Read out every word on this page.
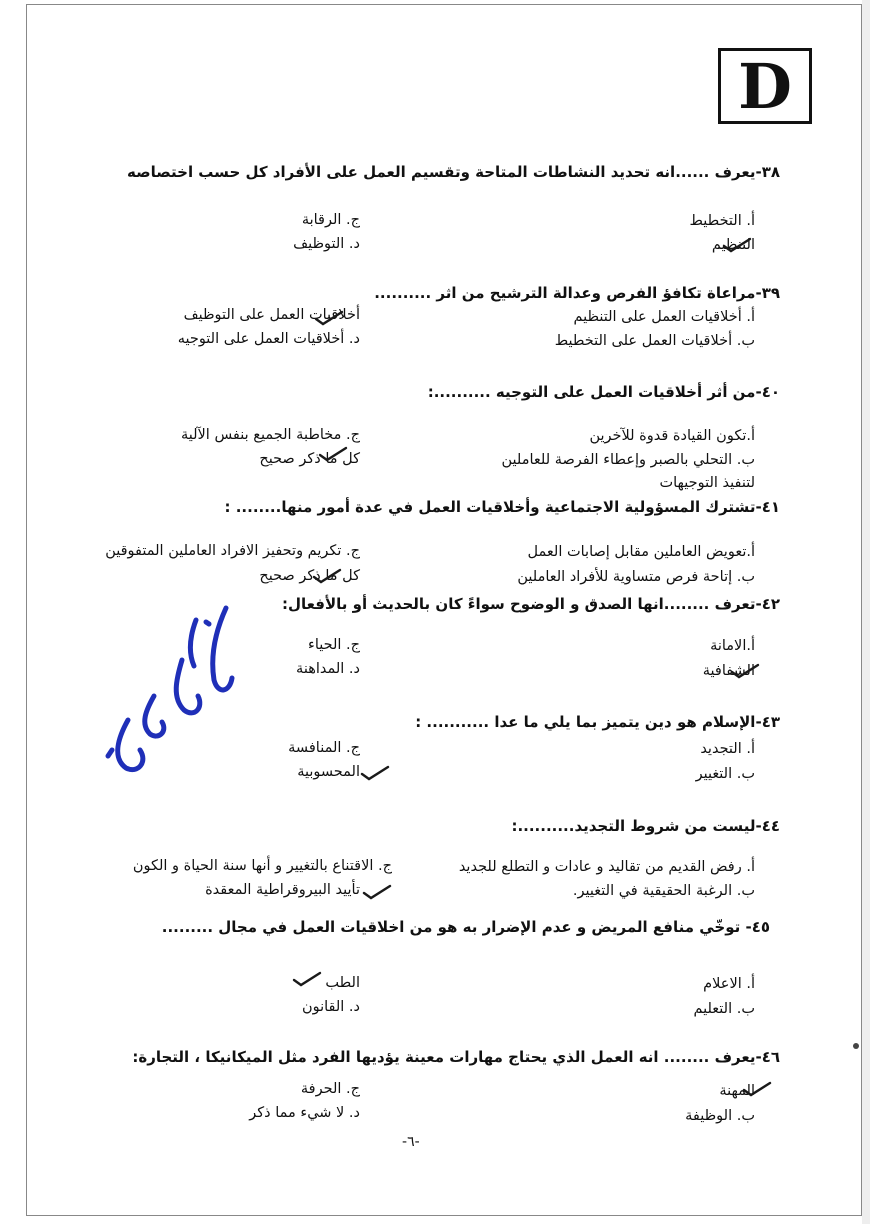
D
٣٨-يعرف ......انه تحديد النشاطات المتاحة وتقسيم العمل على الأفراد كل حسب اختصاصه
أ. التخطيط
التنظيم
ج. الرقابة
د. التوظيف
٣٩-مراعاة تكافؤ الفرص وعدالة الترشيح من اثر ..........
أ. أخلاقيات العمل على التنظيم
ب. أخلاقيات العمل على التخطيط
أخلاقيات العمل على التوظيف
د. أخلاقيات العمل على التوجيه
٤٠-من أثر أخلاقيات العمل على التوجيه ..........:
أ.تكون القيادة قدوة للآخرين
ب. التحلي بالصبر وإعطاء الفرصة للعاملين
لتنفيذ التوجيهات
ج. مخاطبة الجميع بنفس الآلية
كل ما ذكر صحيح
٤١-تشترك المسؤولية الاجتماعية وأخلاقيات العمل في عدة أمور منها........ :
أ.تعويض العاملين مقابل إصابات العمل
ب. إتاحة فرص متساوية للأفراد العاملين
ج. تكريم وتحفيز الافراد العاملين المتفوقين
كل ما ذكر صحيح
٤٢-تعرف ........انها الصدق و الوضوح سواءً كان بالحديث أو بالأفعال:
أ.الامانة
الشفافية
ج. الحياء
د. المداهنة
٤٣-الإسلام هو دين يتميز بما يلي ما عدا ........... :
أ. التجديد
ب. التغيير
ج. المنافسة
المحسوبية
٤٤-ليست من شروط التجديد..........:
أ. رفض القديم من تقاليد و عادات و التطلع للجديد
ب. الرغبة الحقيقية في التغيير.
ج. الاقتناع بالتغيير و أنها سنة الحياة و الكون
تأييد البيروقراطية المعقدة
٤٥- توخّي منافع المريض و عدم الإضرار به هو من اخلاقيات العمل في مجال .........
أ. الاعلام
ب. التعليم
الطب
د. القانون
٤٦-يعرف ........ انه العمل الذي يحتاج مهارات معينة يؤديها الفرد مثل الميكانيكا ، التجارة:
المهنة
ب. الوظيفة
ج. الحرفة
د. لا شيء مما ذكر
-٦-
